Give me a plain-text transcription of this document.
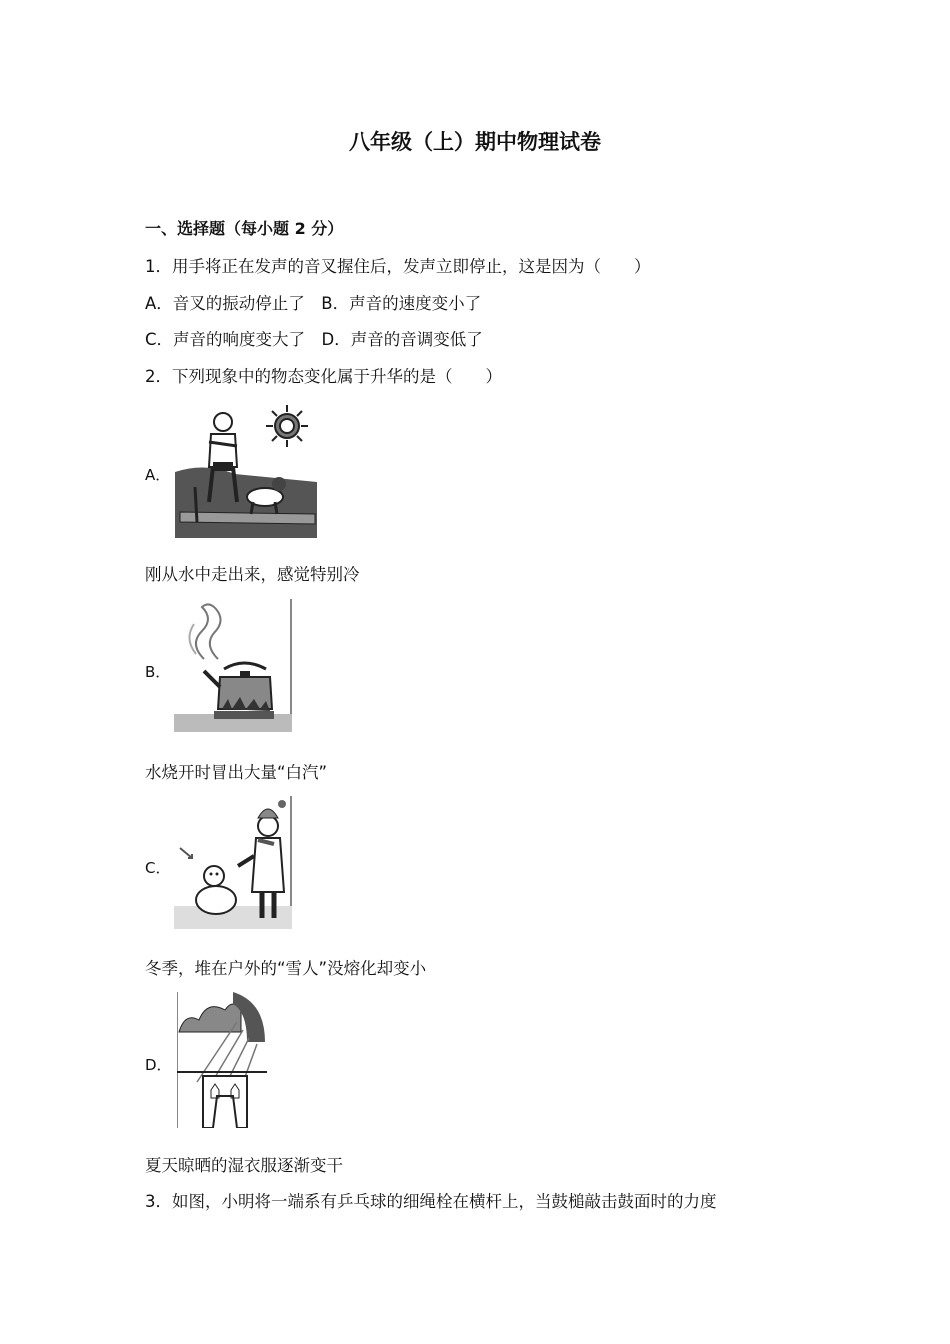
八年级（上）期中物理试卷
一、选择题（每小题 2 分）
1．用手将正在发声的音叉握住后，发声立即停止，这是因为（　　）
A．音叉的振动停止了　B．声音的速度变小了
C．声音的响度变大了　D．声音的音调变低了
2．下列现象中的物态变化属于升华的是（　　）
A．
刚从水中走出来，感觉特别冷
B．
水烧开时冒出大量“白汽”
C．
冬季，堆在户外的“雪人”没熔化却变小
D．
夏天晾晒的湿衣服逐渐变干
3．如图，小明将一端系有乒乓球的细绳栓在横杆上，当鼓槌敲击鼓面时的力度
